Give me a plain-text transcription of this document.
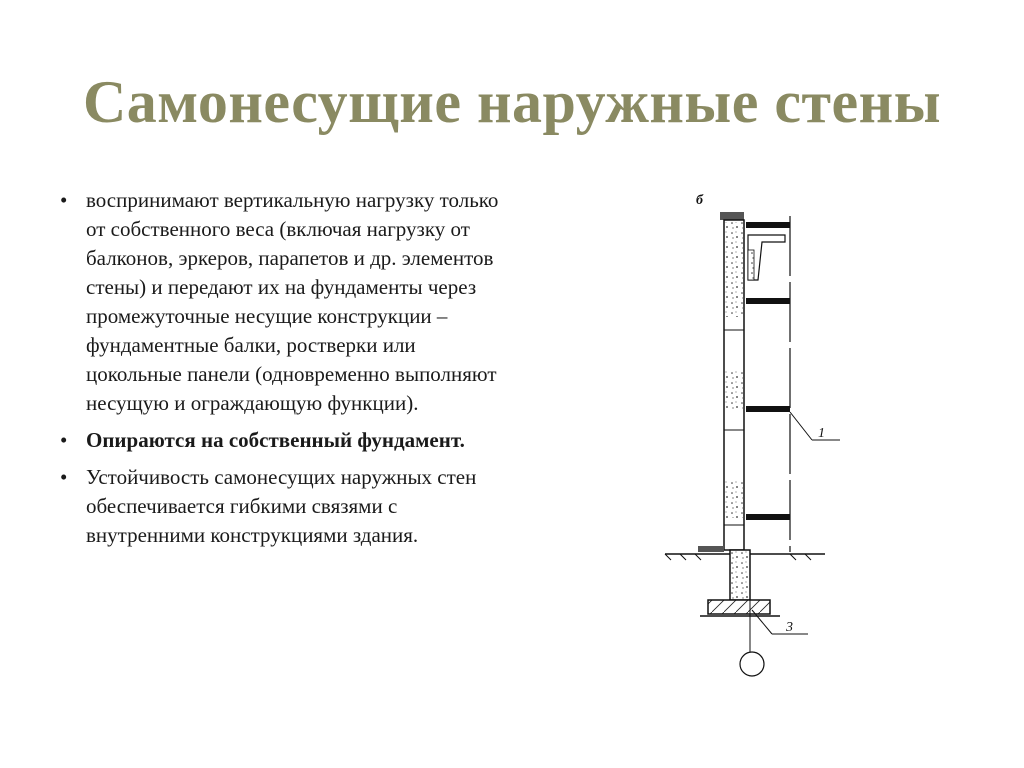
Самонесущие наружные стены
• воспринимают вертикальную нагрузку только от собственного веса (включая нагрузку от балконов, эркеров, парапетов и др. элементов стены) и передают их на фундаменты через промежуточные несущие конструкции – фундаментные балки, ростверки или цокольные панели (одновременно выполняют несущую и ограждающую функции).
• Опираются на собственный фундамент.
• Устойчивость самонесущих наружных стен обеспечивается гибкими связями с внутренними конструкциями здания.
б
1
3
